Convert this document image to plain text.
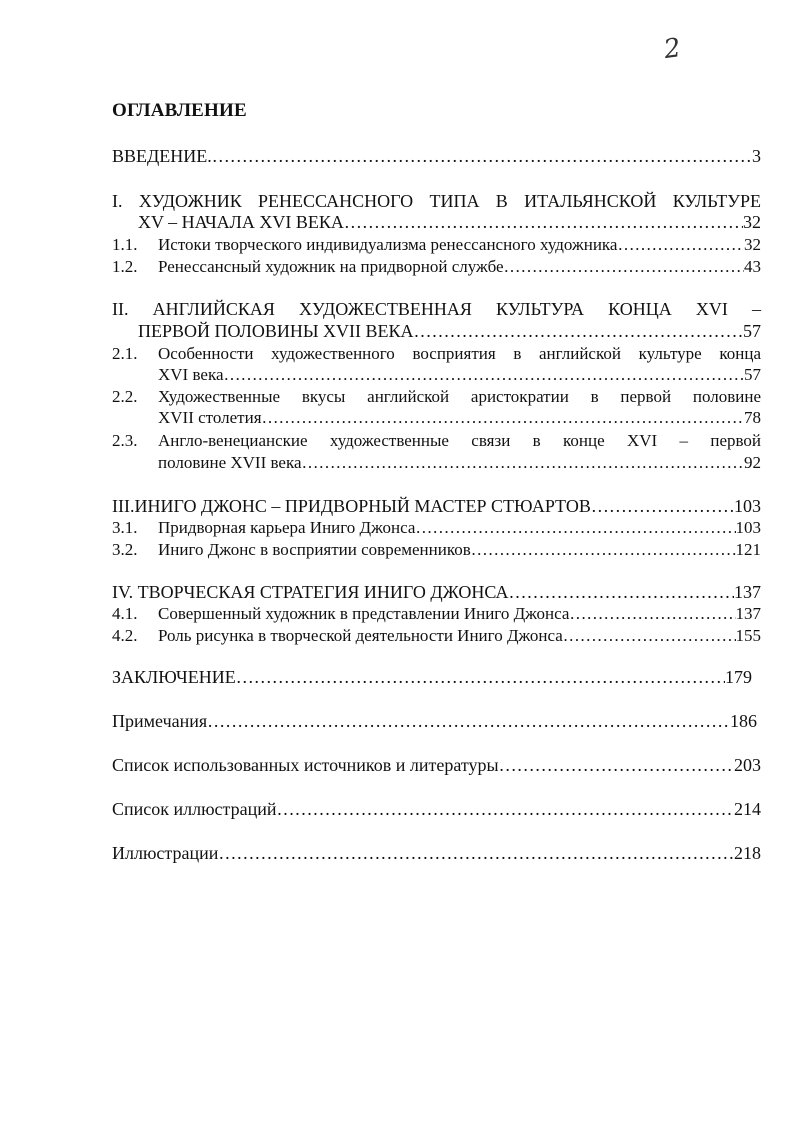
2
ОГЛАВЛЕНИЕ
ВВЕДЕНИЕ. …………………………………………………………………………………………………………………………………………………………………………………………………………………………………………………………………	3
I. ХУДОЖНИК РЕНЕССАНСНОГО ТИПА В ИТАЛЬЯНСКОЙ КУЛЬТУРЕ
XV – НАЧАЛА XVI ВЕКА …………………………………………………………………………………………………………………………………………………………………………………………………………………………………………………………………	32
1.1.	Истоки творческого индивидуализма ренессансного художника …………………………………………………………………………………………………………………………………………………………………………………………………………………………………………………………………	32
1.2.	Ренессансный художник на придворной службе …………………………………………………………………………………………………………………………………………………………………………………………………………………………………………………………………	43
II. АНГЛИЙСКАЯ ХУДОЖЕСТВЕННАЯ КУЛЬТУРА КОНЦА XVI –
ПЕРВОЙ ПОЛОВИНЫ XVII ВЕКА …………………………………………………………………………………………………………………………………………………………………………………………………………………………………………………………………	57
2.1.	Особенности художественного восприятия в английской культуре конца
XVI века …………………………………………………………………………………………………………………………………………………………………………………………………………………………………………………………………	57
2.2.	Художественные вкусы английской аристократии в первой половине
XVII столетия …………………………………………………………………………………………………………………………………………………………………………………………………………………………………………………………………	78
2.3.	Англо-венецианские художественные связи в конце XVI – первой
половине XVII века …………………………………………………………………………………………………………………………………………………………………………………………………………………………………………………………………	92
III.ИНИГО ДЖОНС – ПРИДВОРНЫЙ МАСТЕР СТЮАРТОВ …………………………………………………………………………………………………………………………………………………………………………………………………………………………………………………………………	103
3.1.	Придворная карьера Иниго Джонса …………………………………………………………………………………………………………………………………………………………………………………………………………………………………………………………………	103
3.2.	Иниго Джонс в восприятии современников …………………………………………………………………………………………………………………………………………………………………………………………………………………………………………………………………	121
IV. ТВОРЧЕСКАЯ СТРАТЕГИЯ ИНИГО ДЖОНСА …………………………………………………………………………………………………………………………………………………………………………………………………………………………………………………………………	137
4.1.	Совершенный художник в представлении Иниго Джонса …………………………………………………………………………………………………………………………………………………………………………………………………………………………………………………………………	137
4.2.	Роль рисунка в творческой деятельности Иниго Джонса …………………………………………………………………………………………………………………………………………………………………………………………………………………………………………………………………	155
ЗАКЛЮЧЕНИЕ …………………………………………………………………………………………………………………………………………………………………………………………………………………………………………………………………	179
Примечания …………………………………………………………………………………………………………………………………………………………………………………………………………………………………………………………………	186
Список использованных источников и литературы …………………………………………………………………………………………………………………………………………………………………………………………………………………………………………………………………	203
Список иллюстраций …………………………………………………………………………………………………………………………………………………………………………………………………………………………………………………………………	214
Иллюстрации …………………………………………………………………………………………………………………………………………………………………………………………………………………………………………………………………	218
